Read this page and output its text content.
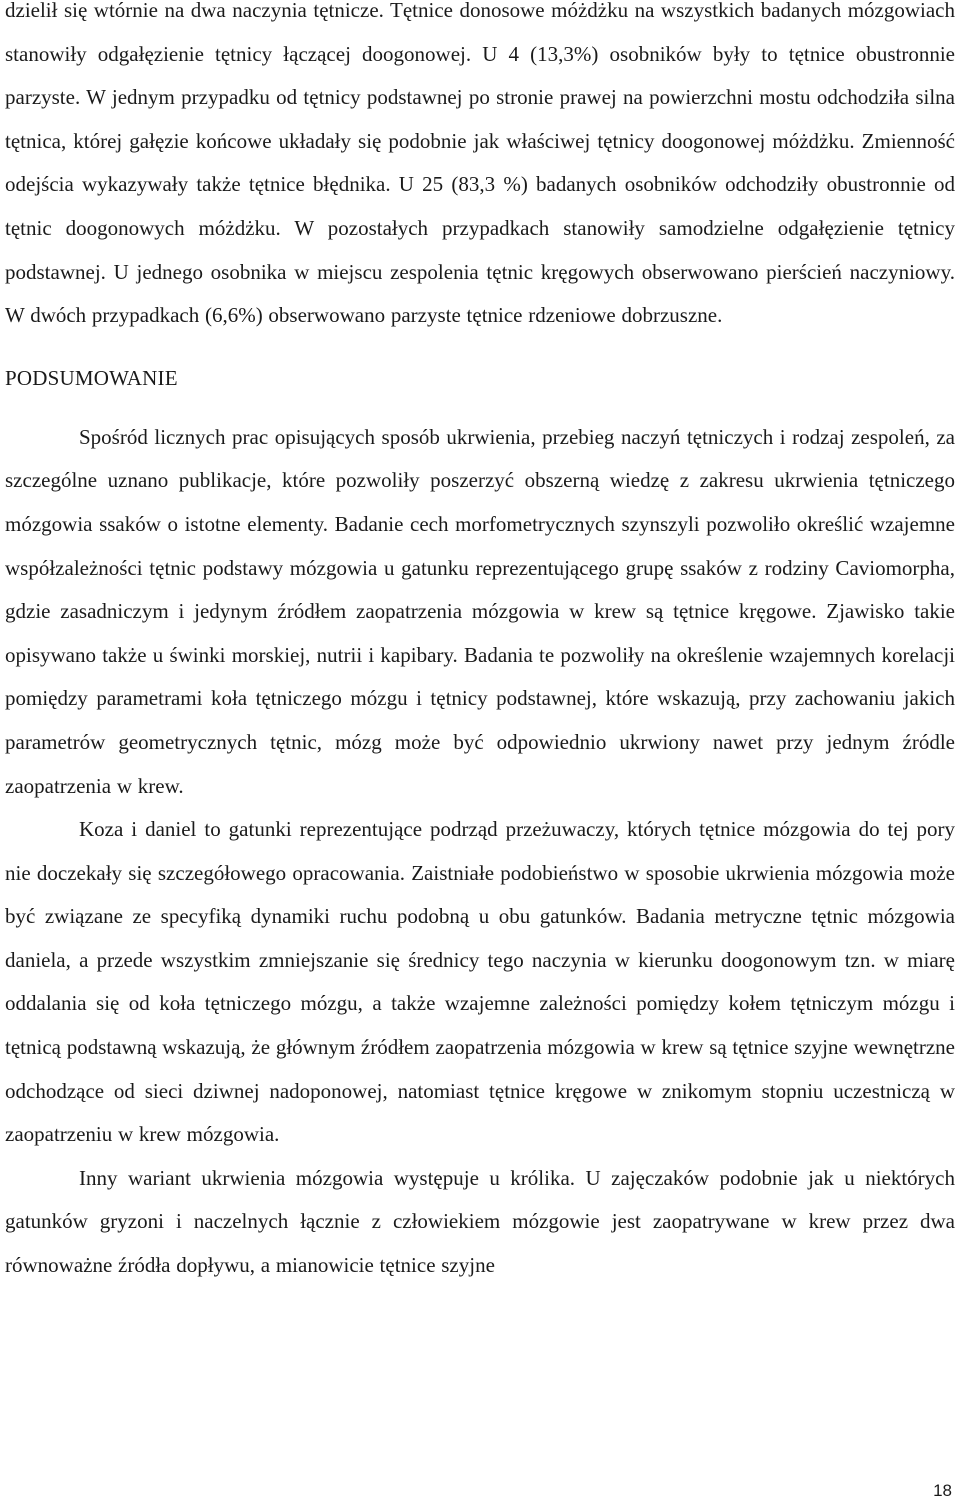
dzielił się wtórnie na dwa naczynia tętnicze. Tętnice donosowe móżdżku na wszystkich badanych mózgowiach stanowiły odgałęzienie tętnicy łączącej doogonowej. U 4 (13,3%) osobników były to tętnice obustronnie parzyste. W jednym przypadku od tętnicy podstawnej po stronie prawej na powierzchni mostu odchodziła silna tętnica, której gałęzie końcowe układały się podobnie jak właściwej tętnicy doogonowej móżdżku. Zmienność odejścia wykazywały także tętnice błędnika. U 25 (83,3 %) badanych osobników odchodziły obustronnie od tętnic doogonowych móżdżku. W pozostałych przypadkach stanowiły samodzielne odgałęzienie tętnicy podstawnej. U jednego osobnika w miejscu zespolenia tętnic kręgowych obserwowano pierścień naczyniowy. W dwóch przypadkach (6,6%) obserwowano parzyste tętnice rdzeniowe dobrzuszne.

PODSUMOWANIE

Spośród licznych prac opisujących sposób ukrwienia, przebieg naczyń tętniczych i rodzaj zespoleń, za szczególne uznano publikacje, które pozwoliły poszerzyć obszerną wiedzę z zakresu ukrwienia tętniczego mózgowia ssaków o istotne elementy. Badanie cech morfometrycznych szynszyli pozwoliło określić wzajemne współzależności tętnic podstawy mózgowia u gatunku reprezentującego grupę ssaków z rodziny Caviomorpha, gdzie zasadniczym i jedynym źródłem zaopatrzenia mózgowia w krew są tętnice kręgowe. Zjawisko takie opisywano także u świnki morskiej, nutrii i kapibary. Badania te pozwoliły na określenie wzajemnych korelacji pomiędzy parametrami koła tętniczego mózgu i tętnicy podstawnej, które wskazują, przy zachowaniu jakich parametrów geometrycznych tętnic, mózg może być odpowiednio ukrwiony nawet przy jednym źródle zaopatrzenia w krew.

Koza i daniel to gatunki reprezentujące podrząd przeżuwaczy, których tętnice mózgowia do tej pory nie doczekały się szczegółowego opracowania. Zaistniałe podobieństwo w sposobie ukrwienia mózgowia może być związane ze specyfiką dynamiki ruchu podobną u obu gatunków. Badania metryczne tętnic mózgowia daniela, a przede wszystkim zmniejszanie się średnicy tego naczynia w kierunku doogonowym tzn. w miarę oddalania się od koła tętniczego mózgu, a także wzajemne zależności pomiędzy kołem tętniczym mózgu i tętnicą podstawną wskazują, że głównym źródłem zaopatrzenia mózgowia w krew są tętnice szyjne wewnętrzne odchodzące od sieci dziwnej nadoponowej, natomiast tętnice kręgowe w znikomym stopniu uczestniczą w zaopatrzeniu w krew mózgowia.

Inny wariant ukrwienia mózgowia występuje u królika. U zajęczaków podobnie jak u niektórych gatunków gryzoni i naczelnych łącznie z człowiekiem mózgowie jest zaopatrywane w krew przez dwa równoważne źródła dopływu, a mianowicie tętnice szyjne

18
